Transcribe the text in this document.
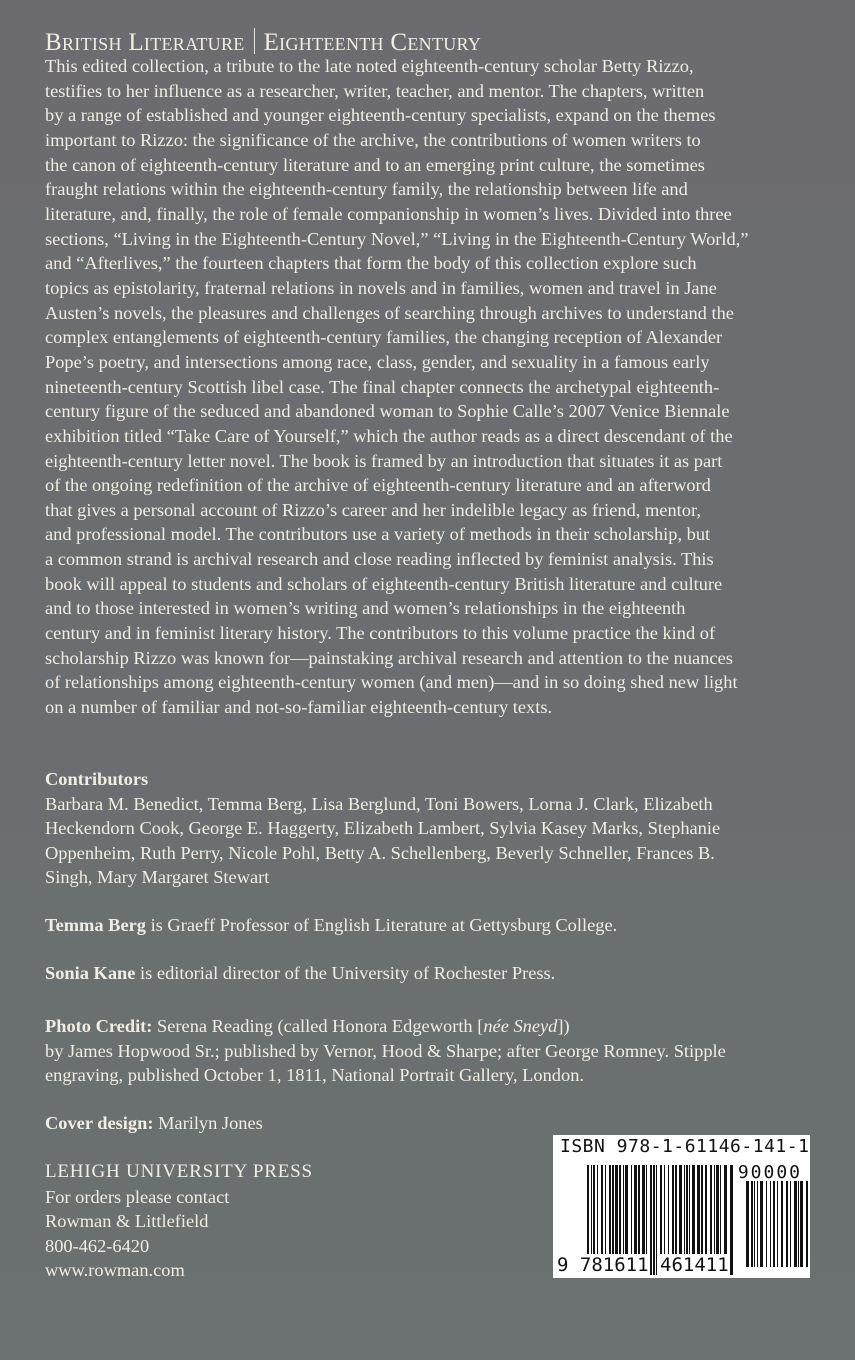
British Literature Eighteenth Century
This edited collection, a tribute to the late noted eighteenth-century scholar Betty Rizzo,
testifies to her influence as a researcher, writer, teacher, and mentor. The chapters, written
by a range of established and younger eighteenth-century specialists, expand on the themes
important to Rizzo: the significance of the archive, the contributions of women writers to
the canon of eighteenth-century literature and to an emerging print culture, the sometimes
fraught relations within the eighteenth-century family, the relationship between life and
literature, and, finally, the role of female companionship in women’s lives. Divided into three
sections, “Living in the Eighteenth-Century Novel,” “Living in the Eighteenth-Century World,”
and “Afterlives,” the fourteen chapters that form the body of this collection explore such
topics as epistolarity, fraternal relations in novels and in families, women and travel in Jane
Austen’s novels, the pleasures and challenges of searching through archives to understand the
complex entanglements of eighteenth-century families, the changing reception of Alexander
Pope’s poetry, and intersections among race, class, gender, and sexuality in a famous early
nineteenth-century Scottish libel case. The final chapter connects the archetypal eighteenth-
century figure of the seduced and abandoned woman to Sophie Calle’s 2007 Venice Biennale
exhibition titled “Take Care of Yourself,” which the author reads as a direct descendant of the
eighteenth-century letter novel. The book is framed by an introduction that situates it as part
of the ongoing redefinition of the archive of eighteenth-century literature and an afterword
that gives a personal account of Rizzo’s career and her indelible legacy as friend, mentor,
and professional model. The contributors use a variety of methods in their scholarship, but
a common strand is archival research and close reading inflected by feminist analysis. This
book will appeal to students and scholars of eighteenth-century British literature and culture
and to those interested in women’s writing and women’s relationships in the eighteenth
century and in feminist literary history. The contributors to this volume practice the kind of
scholarship Rizzo was known for—painstaking archival research and attention to the nuances
of relationships among eighteenth-century women (and men)—and in so doing shed new light
on a number of familiar and not-so-familiar eighteenth-century texts.
Contributors
Barbara M. Benedict, Temma Berg, Lisa Berglund, Toni Bowers, Lorna J. Clark, Elizabeth
Heckendorn Cook, George E. Haggerty, Elizabeth Lambert, Sylvia Kasey Marks, Stephanie
Oppenheim, Ruth Perry, Nicole Pohl, Betty A. Schellenberg, Beverly Schneller, Frances B.
Singh, Mary Margaret Stewart
Temma Berg is Graeff Professor of English Literature at Gettysburg College.
Sonia Kane is editorial director of the University of Rochester Press.
Photo Credit: Serena Reading (called Honora Edgeworth [née Sneyd])
by James Hopwood Sr.; published by Vernor, Hood & Sharpe; after George Romney. Stipple
engraving, published October 1, 1811, National Portrait Gallery, London.
Cover design: Marilyn Jones
LEHIGH UNIVERSITY PRESS
For orders please contact
Rowman & Littlefield
800-462-6420
www.rowman.com
ISBN 978-1-61146-141-1
90000
9 781611 461411
